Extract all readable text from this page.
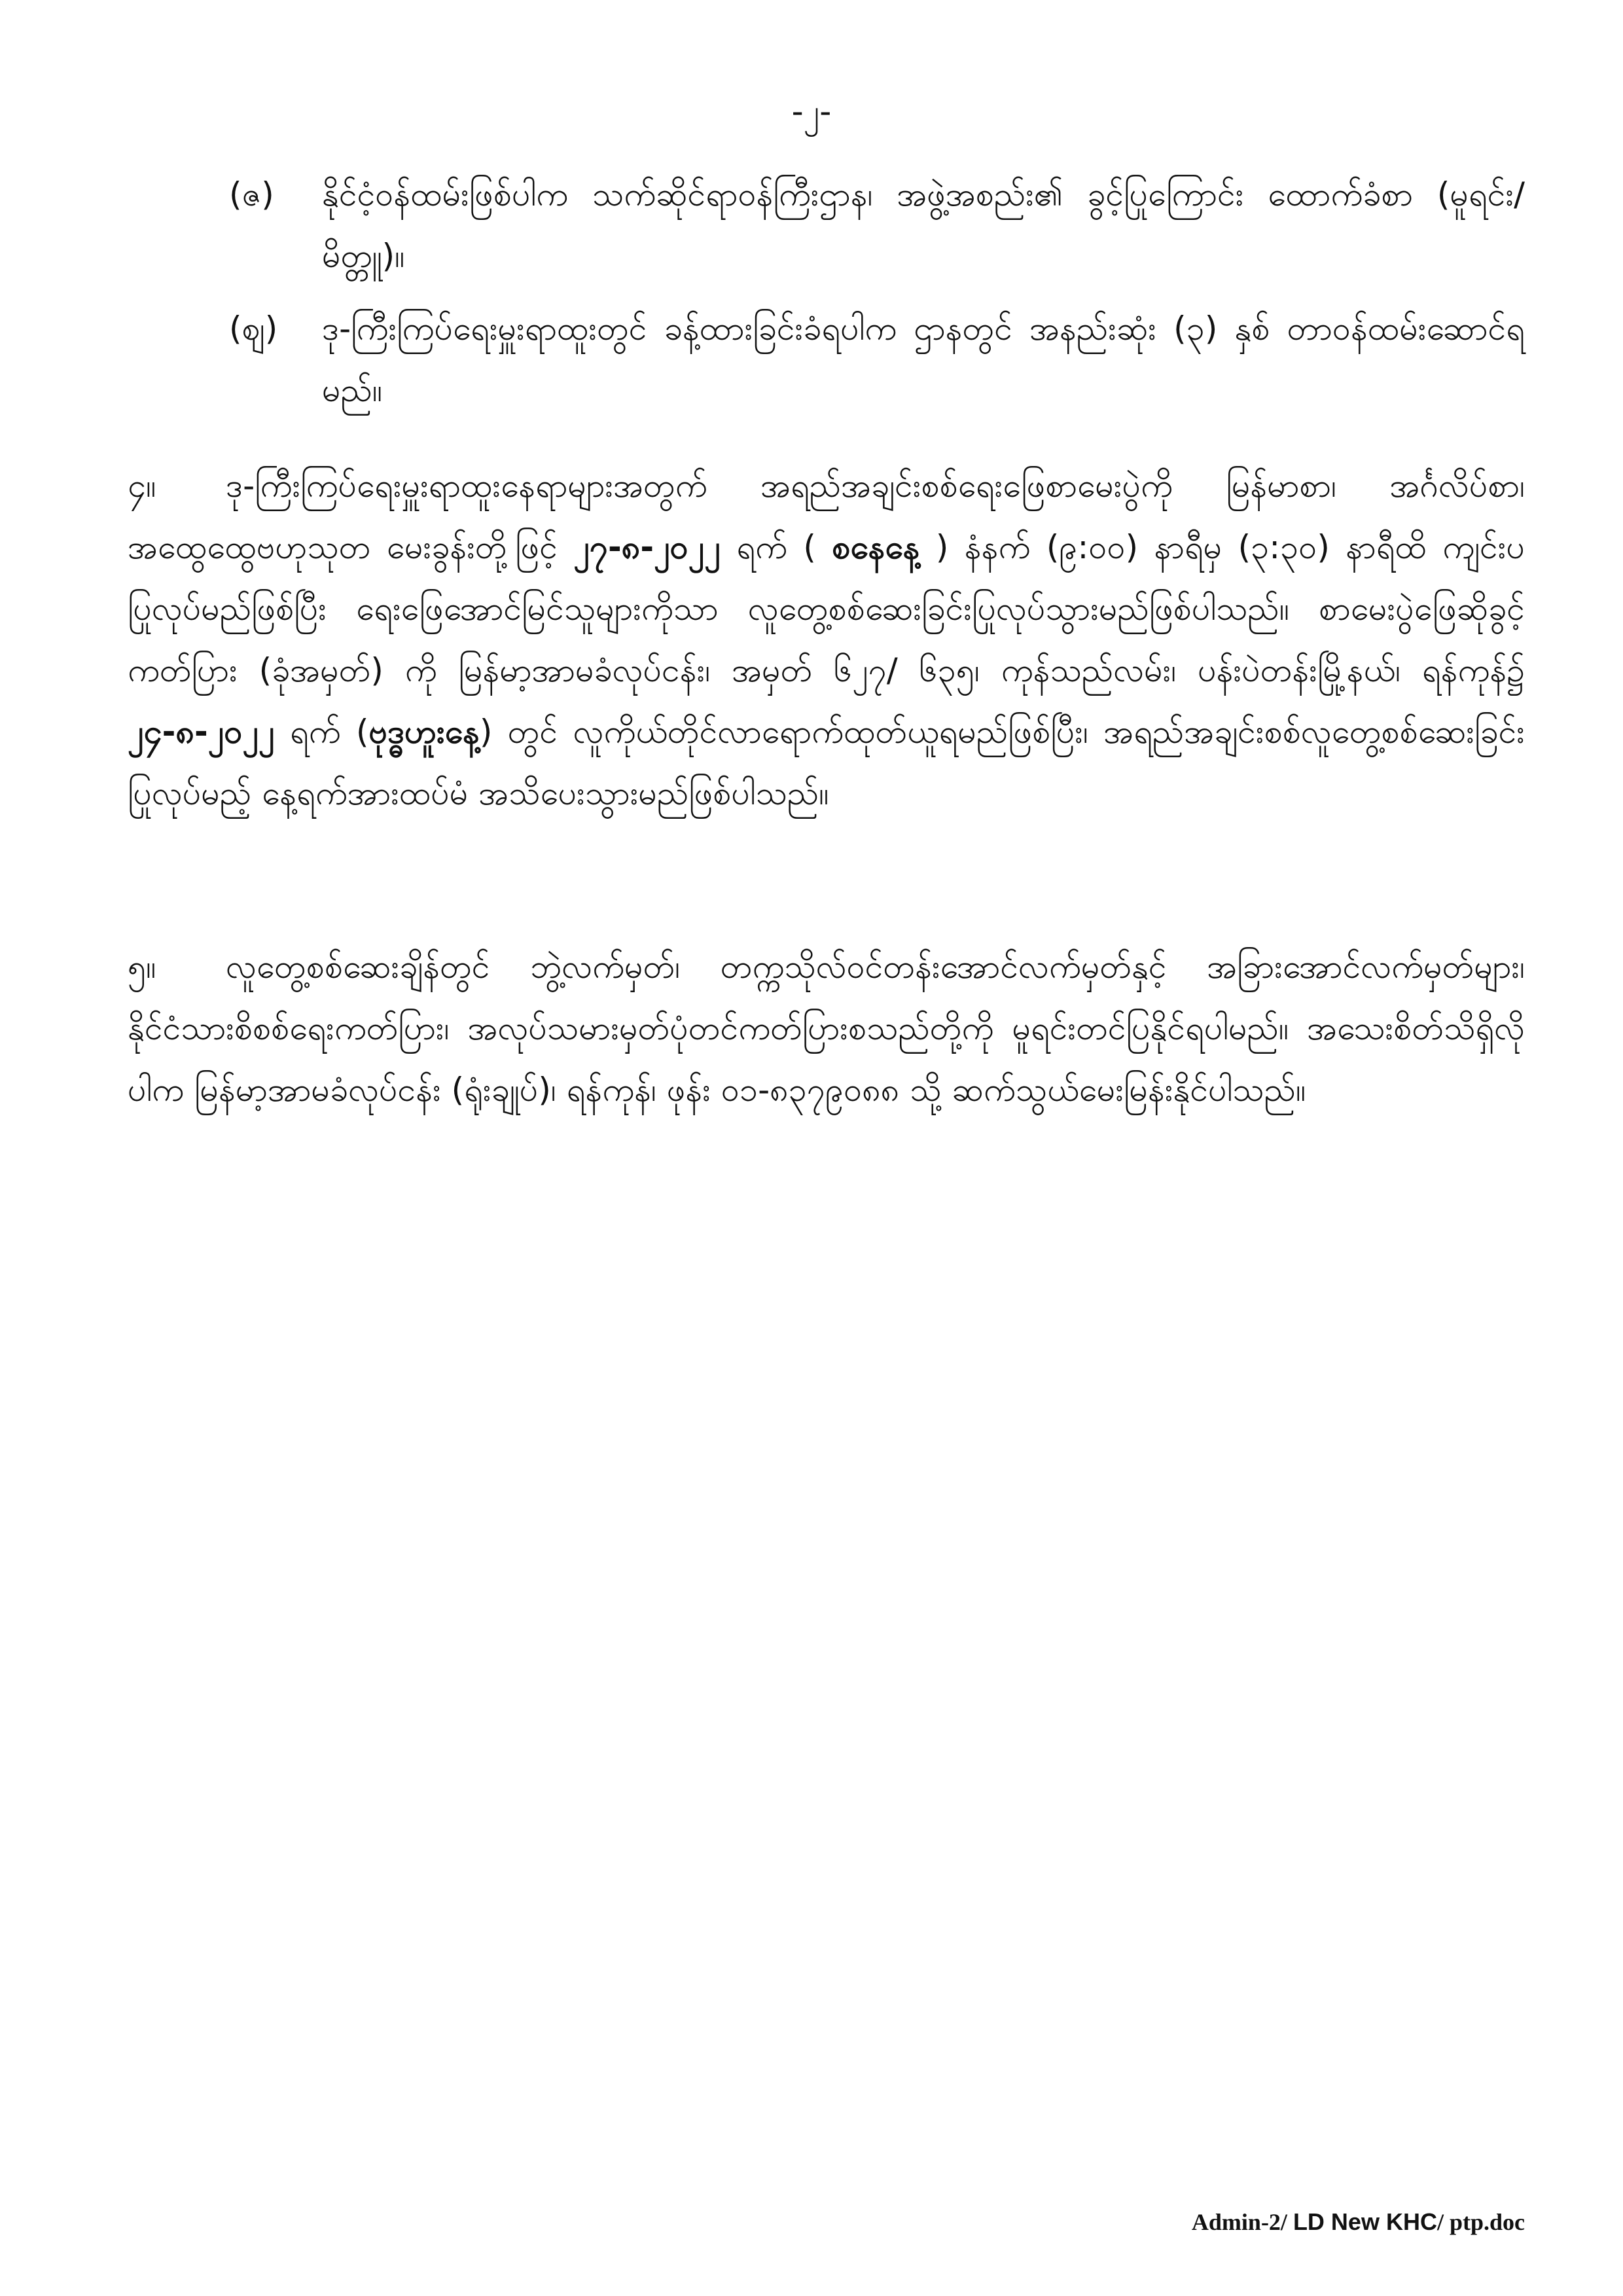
-၂-
(ဇ)	နိုင်ငံ့ဝန်ထမ်းဖြစ်ပါက သက်ဆိုင်ရာဝန်ကြီးဌာန၊ အဖွဲ့အစည်း၏ ခွင့်ပြုကြောင်း ထောက်ခံစာ (မူရင်း/ မိတ္တူ)။
(ဈ)	ဒု-ကြီးကြပ်ရေးမှူးရာထူးတွင် ခန့်ထားခြင်းခံရပါက ဌာနတွင် အနည်းဆုံး (၃) နှစ် တာဝန်ထမ်းဆောင်ရမည်။
၄။ ဒု-ကြီးကြပ်ရေးမှူးရာထူးနေရာများအတွက် အရည်အချင်းစစ်ရေးဖြေစာမေးပွဲကို မြန်မာစာ၊ အင်္ဂလိပ်စာ၊ အထွေထွေဗဟုသုတ မေးခွန်းတို့ဖြင့် ၂၇-၈-၂၀၂၂ ရက် ( စနေနေ့ ) နံနက် (၉:၀၀) နာရီမှ (၃:၃၀) နာရီထိ ကျင်းပပြုလုပ်မည်ဖြစ်ပြီး ရေးဖြေအောင်မြင်သူများကိုသာ လူတွေ့စစ်ဆေးခြင်းပြုလုပ်သွားမည်ဖြစ်ပါသည်။ စာမေးပွဲဖြေဆိုခွင့်ကတ်ပြား (ခုံအမှတ်) ကို မြန်မာ့အာမခံလုပ်ငန်း၊ အမှတ် ၆၂၇/ ၆၃၅၊ ကုန်သည်လမ်း၊ ပန်းပဲတန်းမြို့နယ်၊ ရန်ကုန်၌ ၂၄-၈-၂၀၂၂ ရက် (ဗုဒ္ဓဟူးနေ့) တွင် လူကိုယ်တိုင်လာရောက်ထုတ်ယူရမည်ဖြစ်ပြီး၊ အရည်အချင်းစစ်လူတွေ့စစ်ဆေးခြင်းပြုလုပ်မည့် နေ့ရက်အားထပ်မံ အသိပေးသွားမည်ဖြစ်ပါသည်။
၅။ လူတွေ့စစ်ဆေးချိန်တွင် ဘွဲ့လက်မှတ်၊ တက္ကသိုလ်ဝင်တန်းအောင်လက်မှတ်နှင့် အခြားအောင်လက်မှတ်များ၊ နိုင်ငံသားစိစစ်ရေးကတ်ပြား၊ အလုပ်သမားမှတ်ပုံတင်ကတ်ပြားစသည်တို့ကို မူရင်းတင်ပြနိုင်ရပါမည်။ အသေးစိတ်သိရှိလိုပါက မြန်မာ့အာမခံလုပ်ငန်း (ရုံးချုပ်)၊ ရန်ကုန်၊ ဖုန်း ၀၁-၈၃၇၉၀၈၈ သို့ ဆက်သွယ်မေးမြန်းနိုင်ပါသည်။
Admin-2/ LD New KHC/ ptp.doc
